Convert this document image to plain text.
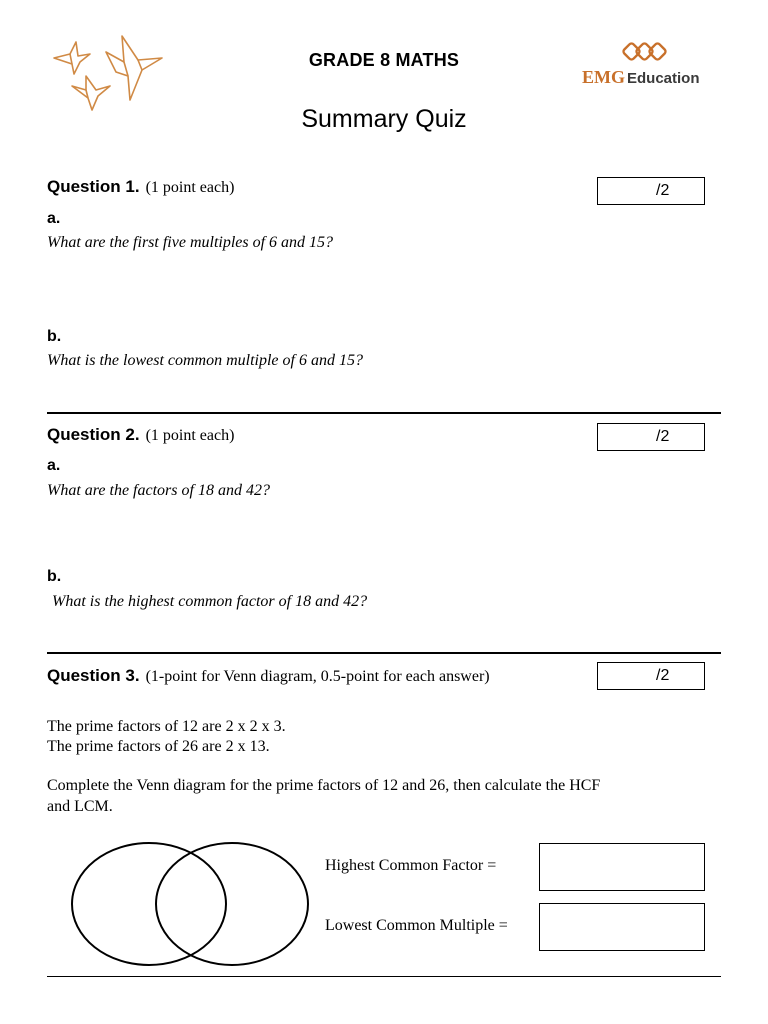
GRADE 8 MATHS
EMG Education
Summary Quiz
Question 1. (1 point each)	/2
a.
What are the first five multiples of 6 and 15?
b.
What is the lowest common multiple of 6 and 15?
Question 2. (1 point each)	/2
a.
What are the factors of 18 and 42?
b.
What is the highest common factor of 18 and 42?
Question 3. (1-point for Venn diagram, 0.5-point for each answer)	/2
The prime factors of 12 are 2 x 2 x 3.
The prime factors of 26 are 2 x 13.
Complete the Venn diagram for the prime factors of 12 and 26, then calculate the HCF
and LCM.
Highest Common Factor =
Lowest Common Multiple =
